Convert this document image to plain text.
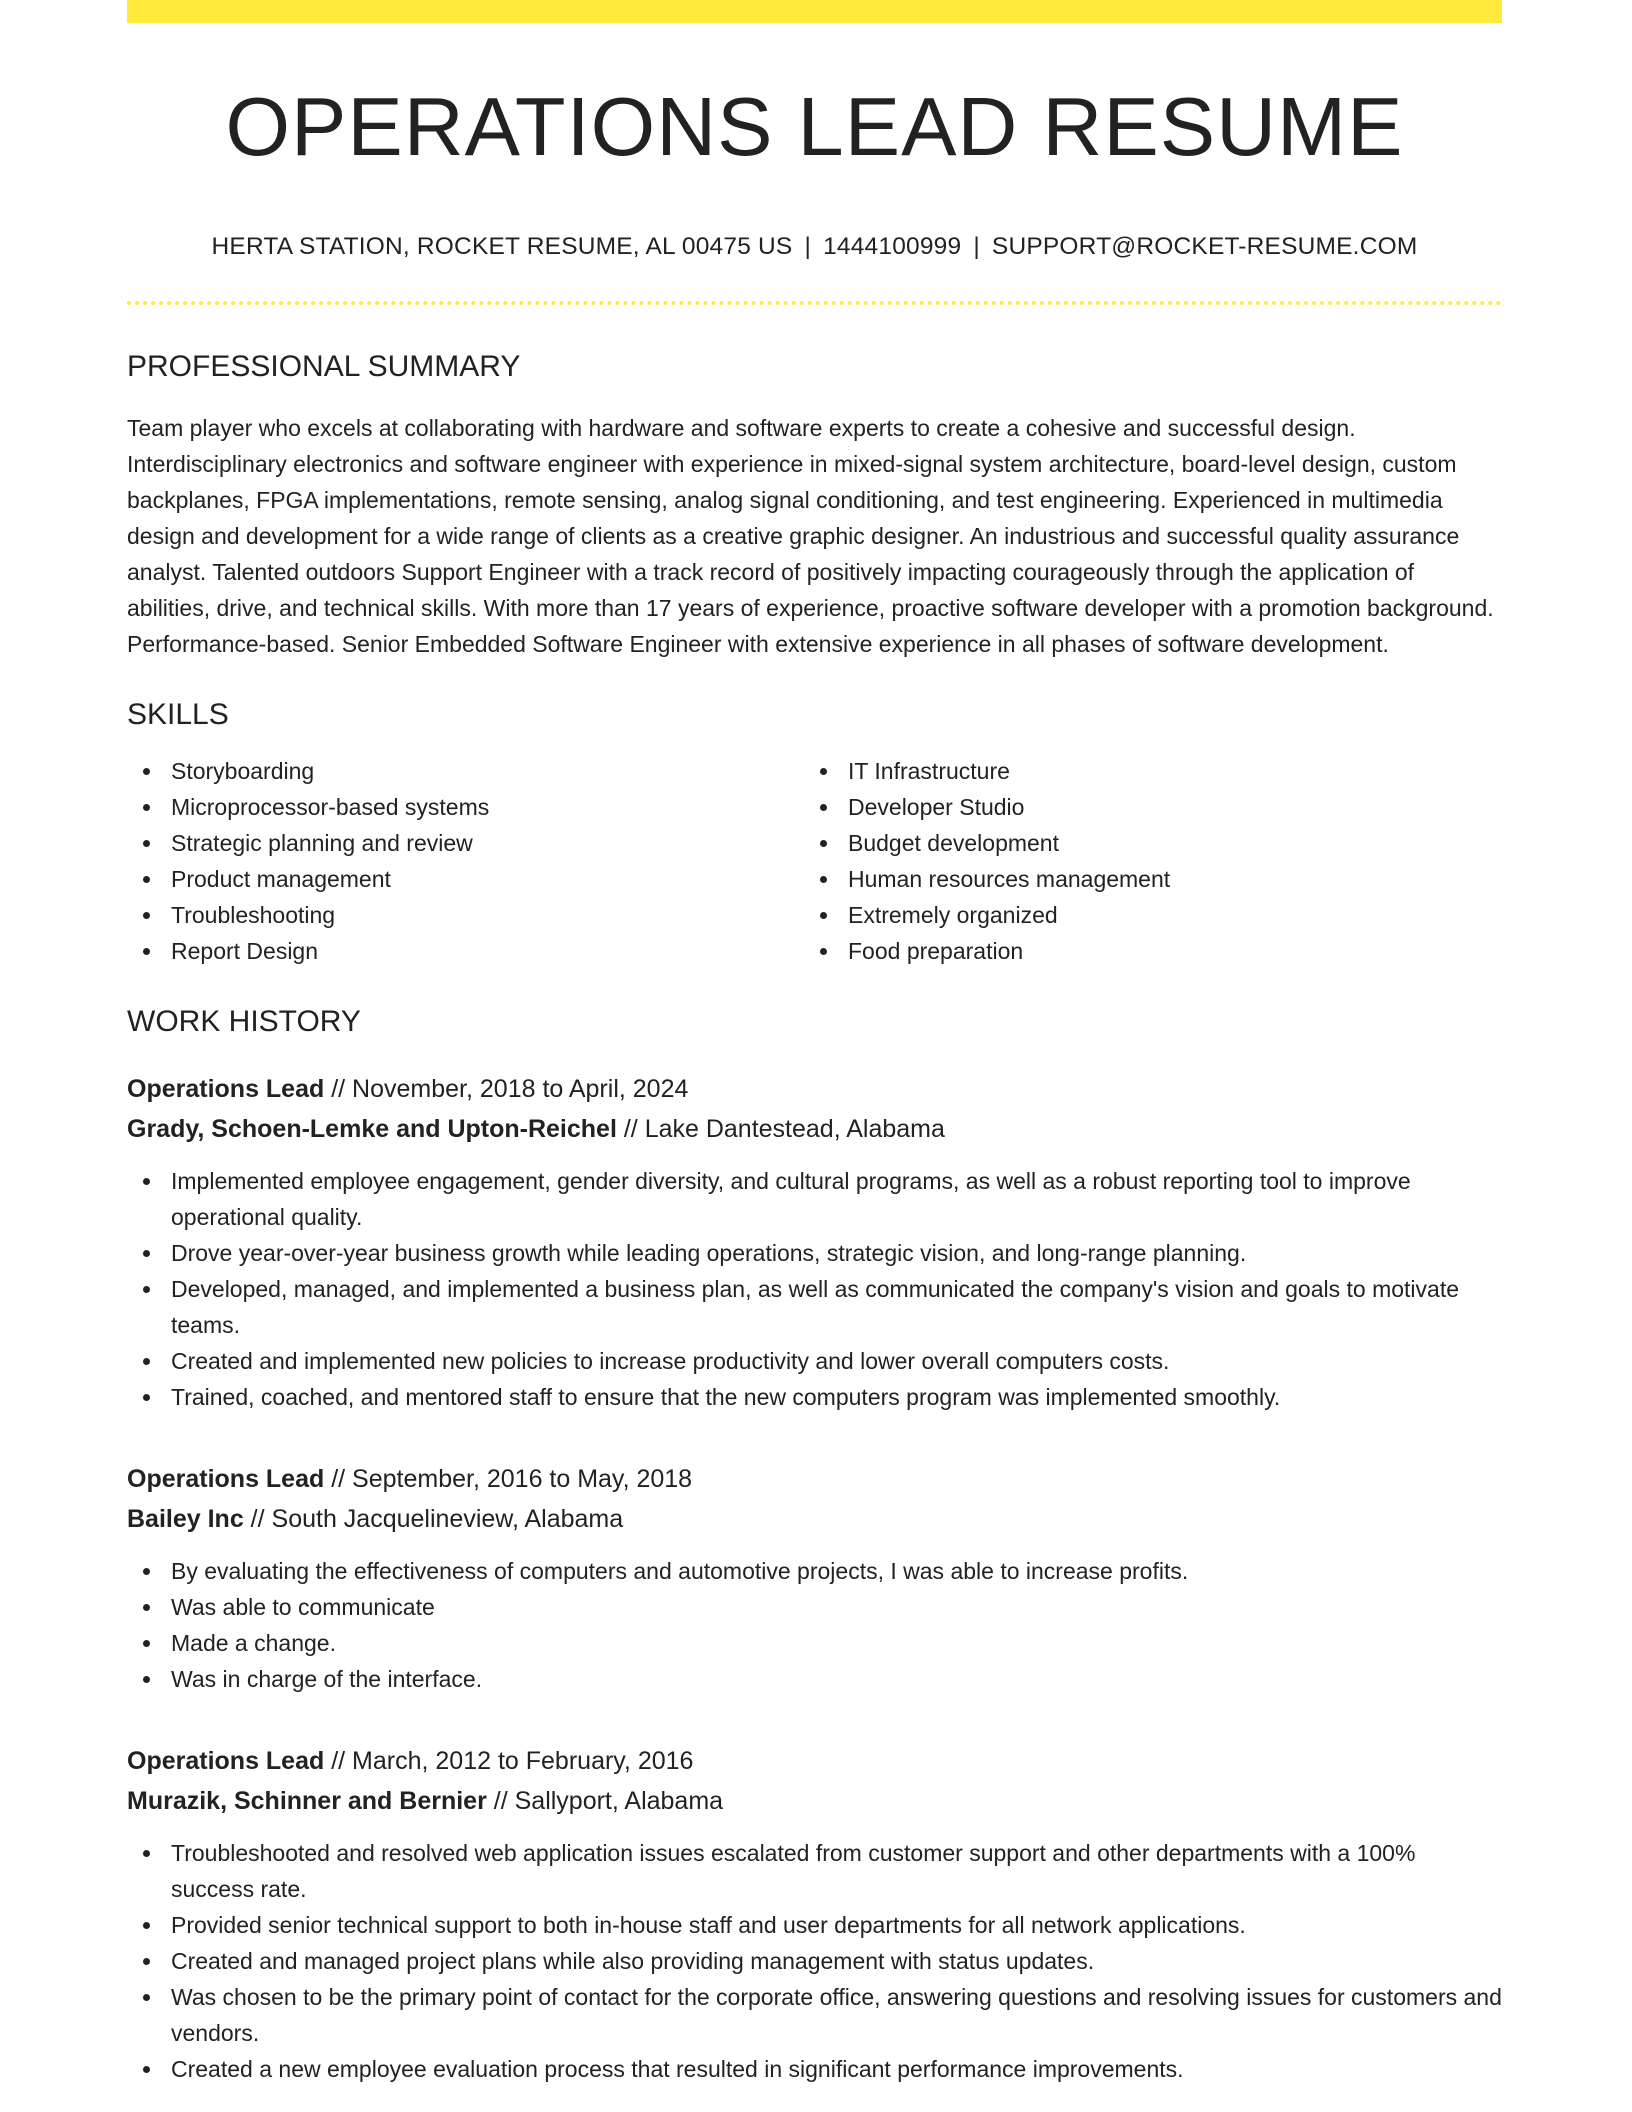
OPERATIONS LEAD RESUME
HERTA STATION, ROCKET RESUME, AL 00475 US | 1444100999 | SUPPORT@ROCKET-RESUME.COM
PROFESSIONAL SUMMARY

Team player who excels at collaborating with hardware and software experts to create a cohesive and successful design. Interdisciplinary electronics and software engineer with experience in mixed-signal system architecture, board-level design, custom backplanes, FPGA implementations, remote sensing, analog signal conditioning, and test engineering. Experienced in multimedia design and development for a wide range of clients as a creative graphic designer. An industrious and successful quality assurance analyst. Talented outdoors Support Engineer with a track record of positively impacting courageously through the application of abilities, drive, and technical skills. With more than 17 years of experience, proactive software developer with a promotion background. Performance-based. Senior Embedded Software Engineer with extensive experience in all phases of software development.

SKILLS
Storyboarding
Microprocessor-based systems
Strategic planning and review
Product management
Troubleshooting
Report Design
IT Infrastructure
Developer Studio
Budget development
Human resources management
Extremely organized
Food preparation
WORK HISTORY
Operations Lead // November, 2018 to April, 2024
Grady, Schoen-Lemke and Upton-Reichel // Lake Dantestead, Alabama
Implemented employee engagement, gender diversity, and cultural programs, as well as a robust reporting tool to improve operational quality.
Drove year-over-year business growth while leading operations, strategic vision, and long-range planning.
Developed, managed, and implemented a business plan, as well as communicated the company's vision and goals to motivate teams.
Created and implemented new policies to increase productivity and lower overall computers costs.
Trained, coached, and mentored staff to ensure that the new computers program was implemented smoothly.
Operations Lead // September, 2016 to May, 2018
Bailey Inc // South Jacquelineview, Alabama
By evaluating the effectiveness of computers and automotive projects, I was able to increase profits.
Was able to communicate
Made a change.
Was in charge of the interface.
Operations Lead // March, 2012 to February, 2016
Murazik, Schinner and Bernier // Sallyport, Alabama
Troubleshooted and resolved web application issues escalated from customer support and other departments with a 100% success rate.
Provided senior technical support to both in-house staff and user departments for all network applications.
Created and managed project plans while also providing management with status updates.
Was chosen to be the primary point of contact for the corporate office, answering questions and resolving issues for customers and vendors.
Created a new employee evaluation process that resulted in significant performance improvements.
